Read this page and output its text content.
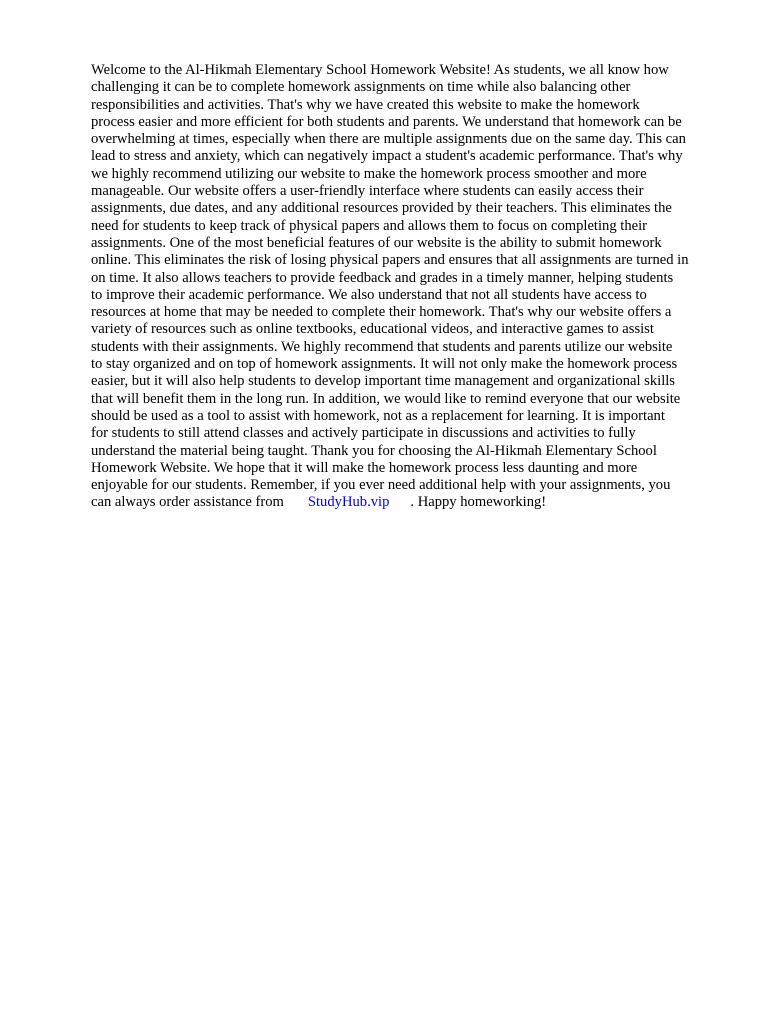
Welcome to the Al-Hikmah Elementary School Homework Website! As students, we all know how
challenging it can be to complete homework assignments on time while also balancing other
responsibilities and activities. That's why we have created this website to make the homework
process easier and more efficient for both students and parents. We understand that homework can be
overwhelming at times, especially when there are multiple assignments due on the same day. This can
lead to stress and anxiety, which can negatively impact a student's academic performance. That's why
we highly recommend utilizing our website to make the homework process smoother and more
manageable. Our website offers a user-friendly interface where students can easily access their
assignments, due dates, and any additional resources provided by their teachers. This eliminates the
need for students to keep track of physical papers and allows them to focus on completing their
assignments. One of the most beneficial features of our website is the ability to submit homework
online. This eliminates the risk of losing physical papers and ensures that all assignments are turned in
on time. It also allows teachers to provide feedback and grades in a timely manner, helping students
to improve their academic performance. We also understand that not all students have access to
resources at home that may be needed to complete their homework. That's why our website offers a
variety of resources such as online textbooks, educational videos, and interactive games to assist
students with their assignments. We highly recommend that students and parents utilize our website
to stay organized and on top of homework assignments. It will not only make the homework process
easier, but it will also help students to develop important time management and organizational skills
that will benefit them in the long run. In addition, we would like to remind everyone that our website
should be used as a tool to assist with homework, not as a replacement for learning. It is important
for students to still attend classes and actively participate in discussions and activities to fully
understand the material being taught. Thank you for choosing the Al-Hikmah Elementary School
Homework Website. We hope that it will make the homework process less daunting and more
enjoyable for our students. Remember, if you ever need additional help with your assignments, you
can always order assistance from StudyHub.vip . Happy homeworking!
